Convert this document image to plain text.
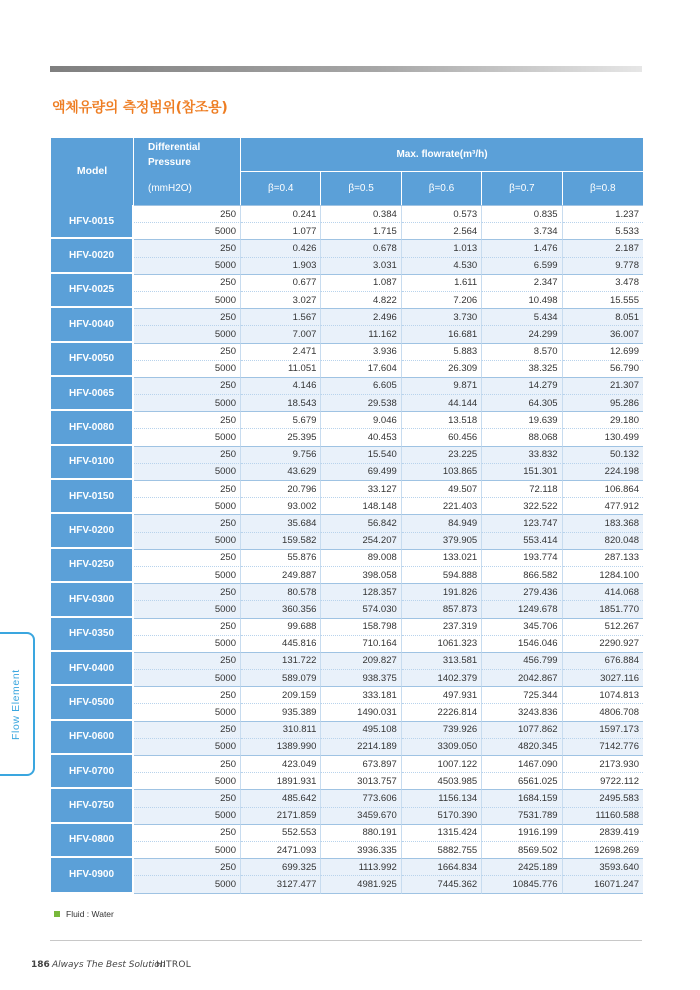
액체유량의 측정범위(참조용)
Model	Differential Pressure	Max. flowrate(m³/h)				
	(mmH2O)	β=0.4	β=0.5	β=0.6	β=0.7	β=0.8
HFV-0015	250	0.241	0.384	0.573	0.835	1.237
	5000	1.077	1.715	2.564	3.734	5.533
HFV-0020	250	0.426	0.678	1.013	1.476	2.187
	5000	1.903	3.031	4.530	6.599	9.778
HFV-0025	250	0.677	1.087	1.611	2.347	3.478
	5000	3.027	4.822	7.206	10.498	15.555
HFV-0040	250	1.567	2.496	3.730	5.434	8.051
	5000	7.007	11.162	16.681	24.299	36.007
HFV-0050	250	2.471	3.936	5.883	8.570	12.699
	5000	11.051	17.604	26.309	38.325	56.790
HFV-0065	250	4.146	6.605	9.871	14.279	21.307
	5000	18.543	29.538	44.144	64.305	95.286
HFV-0080	250	5.679	9.046	13.518	19.639	29.180
	5000	25.395	40.453	60.456	88.068	130.499
HFV-0100	250	9.756	15.540	23.225	33.832	50.132
	5000	43.629	69.499	103.865	151.301	224.198
HFV-0150	250	20.796	33.127	49.507	72.118	106.864
	5000	93.002	148.148	221.403	322.522	477.912
HFV-0200	250	35.684	56.842	84.949	123.747	183.368
	5000	159.582	254.207	379.905	553.414	820.048
HFV-0250	250	55.876	89.008	133.021	193.774	287.133
	5000	249.887	398.058	594.888	866.582	1284.100
HFV-0300	250	80.578	128.357	191.826	279.436	414.068
	5000	360.356	574.030	857.873	1249.678	1851.770
HFV-0350	250	99.688	158.798	237.319	345.706	512.267
	5000	445.816	710.164	1061.323	1546.046	2290.927
HFV-0400	250	131.722	209.827	313.581	456.799	676.884
	5000	589.079	938.375	1402.379	2042.867	3027.116
HFV-0500	250	209.159	333.181	497.931	725.344	1074.813
	5000	935.389	1490.031	2226.814	3243.836	4806.708
HFV-0600	250	310.811	495.108	739.926	1077.862	1597.173
	5000	1389.990	2214.189	3309.050	4820.345	7142.776
HFV-0700	250	423.049	673.897	1007.122	1467.090	2173.930
	5000	1891.931	3013.757	4503.985	6561.025	9722.112
HFV-0750	250	485.642	773.606	1156.134	1684.159	2495.583
	5000	2171.859	3459.670	5170.390	7531.789	11160.588
HFV-0800	250	552.553	880.191	1315.424	1916.199	2839.419
	5000	2471.093	3936.335	5882.755	8569.502	12698.269
HFV-0900	250	699.325	1113.992	1664.834	2425.189	3593.640
	5000	3127.477	4981.925	7445.362	10845.776	16071.247
Fluid : Water
186 Always The Best Solution
HITROL
Flow Element
